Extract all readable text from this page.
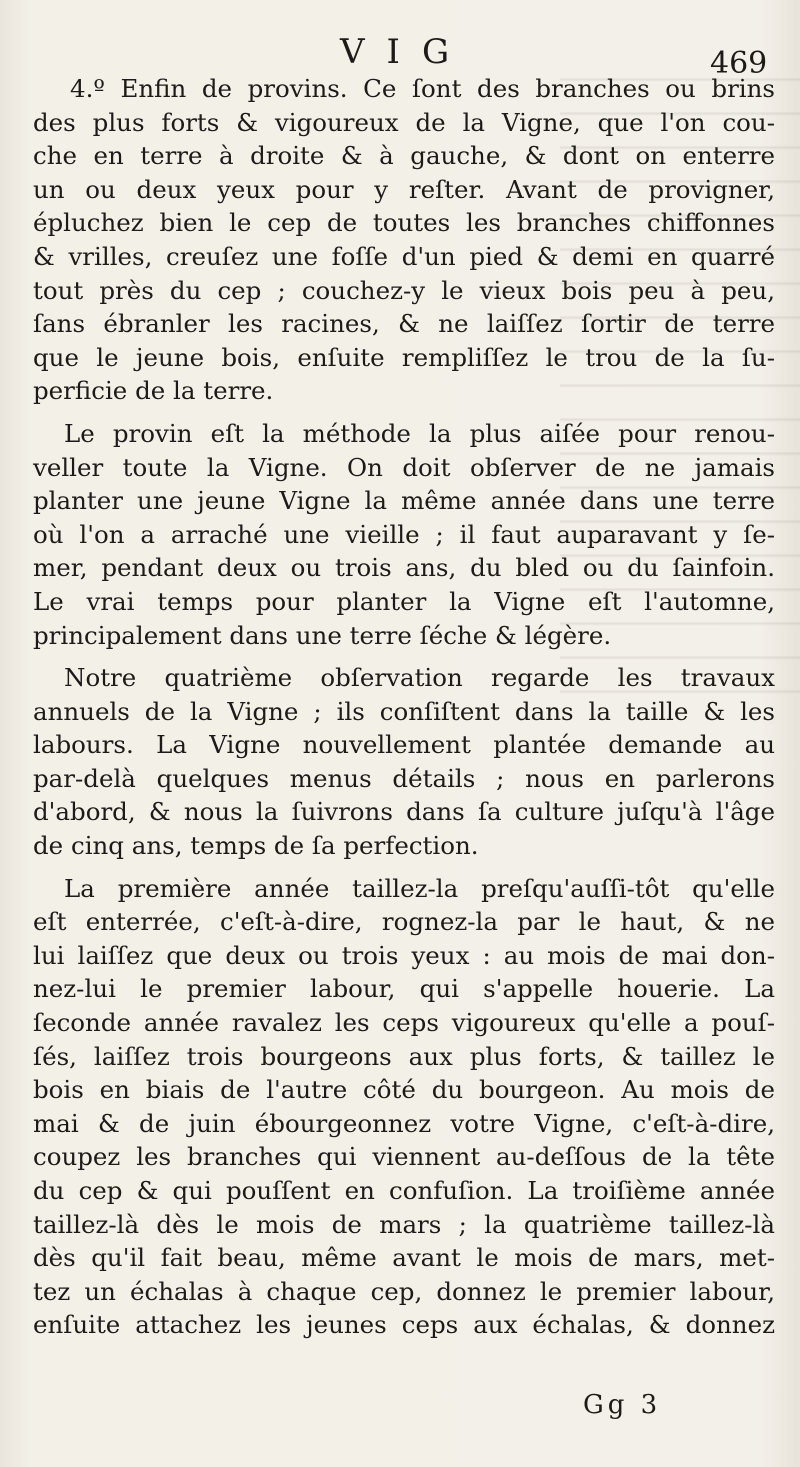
VIG	469
4.º Enfin de provins. Ce ſont des branches ou brins
des plus forts & vigoureux de la Vigne, que l'on cou-
che en terre à droite & à gauche, & dont on enterre
un ou deux yeux pour y reſter. Avant de provigner,
épluchez bien le cep de toutes les branches chiffonnes
& vrilles, creuſez une foſſe d'un pied & demi en quarré
tout près du cep ; couchez-y le vieux bois peu à peu,
ſans ébranler les racines, & ne laiſſez ſortir de terre
que le jeune bois, enſuite rempliſſez le trou de la ſu-
perficie de la terre.
Le provin eſt la méthode la plus aiſée pour renou-
veller toute la Vigne. On doit obſerver de ne jamais
planter une jeune Vigne la même année dans une terre
où l'on a arraché une vieille ; il faut auparavant y ſe-
mer, pendant deux ou trois ans, du bled ou du ſainfoin.
Le vrai temps pour planter la Vigne eſt l'automne,
principalement dans une terre ſéche & légère.
Notre quatrième obſervation regarde les travaux
annuels de la Vigne ; ils conſiſtent dans la taille & les
labours. La Vigne nouvellement plantée demande au
par-delà quelques menus détails ; nous en parlerons
d'abord, & nous la ſuivrons dans ſa culture juſqu'à l'âge
de cinq ans, temps de ſa perfection.
La première année taillez-la preſqu'auſſi-tôt qu'elle
eſt enterrée, c'eſt-à-dire, rognez-la par le haut, & ne
lui laiſſez que deux ou trois yeux : au mois de mai don-
nez-lui le premier labour, qui s'appelle houerie. La
ſeconde année ravalez les ceps vigoureux qu'elle a pouſ-
ſés, laiſſez trois bourgeons aux plus forts, & taillez le
bois en biais de l'autre côté du bourgeon. Au mois de
mai & de juin ébourgeonnez votre Vigne, c'eſt-à-dire,
coupez les branches qui viennent au-deſſous de la tête
du cep & qui pouſſent en confuſion. La troiſième année
taillez-là dès le mois de mars ; la quatrième taillez-là
dès qu'il fait beau, même avant le mois de mars, met-
tez un échalas à chaque cep, donnez le premier labour,
enſuite attachez les jeunes ceps aux échalas, & donnez
Gg 3
